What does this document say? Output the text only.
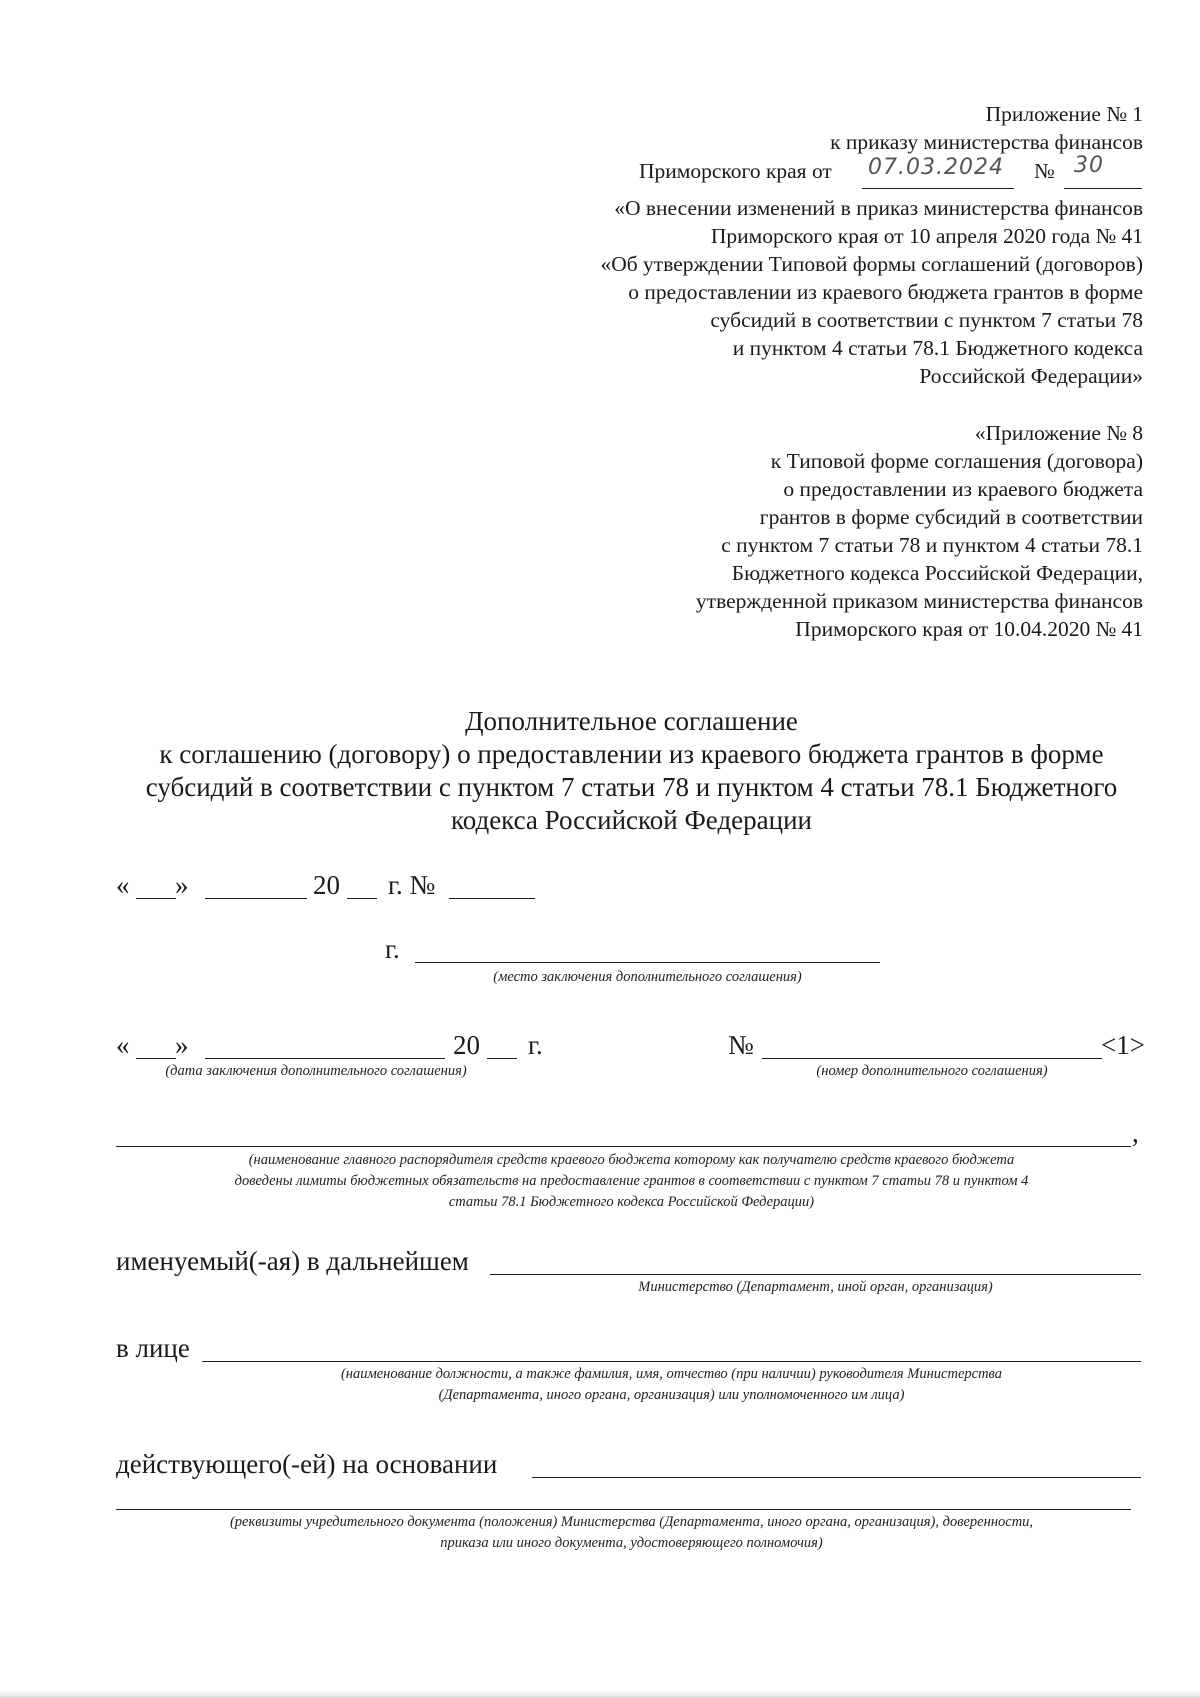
Приложение № 1
к приказу министерства финансов
Приморского края от 07.03.2024 № 30
«О внесении изменений в приказ министерства финансов
Приморского края от 10 апреля 2020 года № 41
«Об утверждении Типовой формы соглашений (договоров)
о предоставлении из краевого бюджета грантов в форме
субсидий в соответствии с пунктом 7 статьи 78
и пунктом 4 статьи 78.1 Бюджетного кодекса
Российской Федерации»
«Приложение № 8
к Типовой форме соглашения (договора)
о предоставлении из краевого бюджета
грантов в форме субсидий в соответствии
с пунктом 7 статьи 78 и пунктом 4 статьи 78.1
Бюджетного кодекса Российской Федерации,
утвержденной приказом министерства финансов
Приморского края от 10.04.2020 № 41
Дополнительное соглашение
к соглашению (договору) о предоставлении из краевого бюджета грантов в форме
субсидий в соответствии с пунктом 7 статьи 78 и пунктом 4 статьи 78.1 Бюджетного
кодекса Российской Федерации
« »	20 г. №
г.
(место заключения дополнительного соглашения)
« »	20 г.
(дата заключения дополнительного соглашения)
№	<1>
(номер дополнительного соглашения)
,
(наименование главного распорядителя средств краевого бюджета которому как получателю средств краевого бюджета
доведены лимиты бюджетных обязательств на предоставление грантов в соответствии с пунктом 7 статьи 78 и пунктом 4
статьи 78.1 Бюджетного кодекса Российской Федерации)
именуемый(-ая) в дальнейшем
Министерство (Департамент, иной орган, организация)
в лице
(наименование должности, а также фамилия, имя, отчество (при наличии) руководителя Министерства
(Департамента, иного органа, организация) или уполномоченного им лица)
действующего(-ей) на основании
(реквизиты учредительного документа (положения) Министерства (Департамента, иного органа, организация), доверенности,
приказа или иного документа, удостоверяющего полномочия)
